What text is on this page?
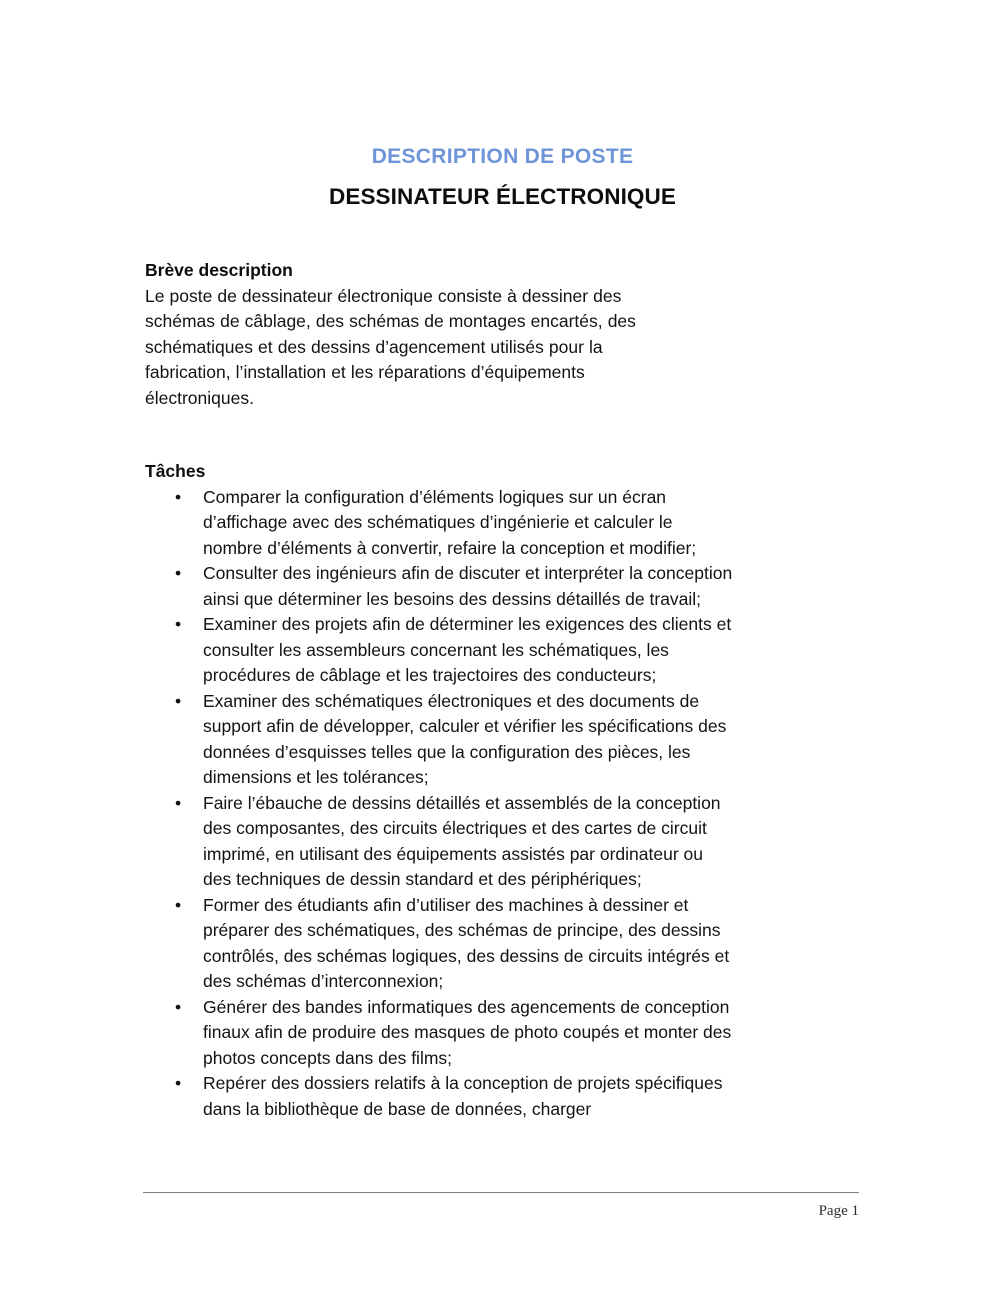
DESCRIPTION DE POSTE
DESSINATEUR ÉLECTRONIQUE
Brève description

Le poste de dessinateur électronique consiste à dessiner des schémas de câblage, des schémas de montages encartés, des schématiques et des dessins d’agencement utilisés pour la fabrication, l’installation et les réparations d’équipements électroniques.

Tâches
• Comparer la configuration d’éléments logiques sur un écran d’affichage avec des schématiques d’ingénierie et calculer le nombre d’éléments à convertir, refaire la conception et modifier;
• Consulter des ingénieurs afin de discuter et interpréter la conception ainsi que déterminer les besoins des dessins détaillés de travail;
• Examiner des projets afin de déterminer les exigences des clients et consulter les assembleurs concernant les schématiques, les procédures de câblage et les trajectoires des conducteurs;
• Examiner des schématiques électroniques et des documents de support afin de développer, calculer et vérifier les spécifications des données d’esquisses telles que la configuration des pièces, les dimensions et les tolérances;
• Faire l’ébauche de dessins détaillés et assemblés de la conception des composantes, des circuits électriques et des cartes de circuit imprimé, en utilisant des équipements assistés par ordinateur ou des techniques de dessin standard et des périphériques;
• Former des étudiants afin d’utiliser des machines à dessiner et préparer des schématiques, des schémas de principe, des dessins contrôlés, des schémas logiques, des dessins de circuits intégrés et des schémas d’interconnexion;
• Générer des bandes informatiques des agencements de conception finaux afin de produire des masques de photo coupés et monter des photos concepts dans des films;
• Repérer des dossiers relatifs à la conception de projets spécifiques dans la bibliothèque de base de données, charger
Page 1
